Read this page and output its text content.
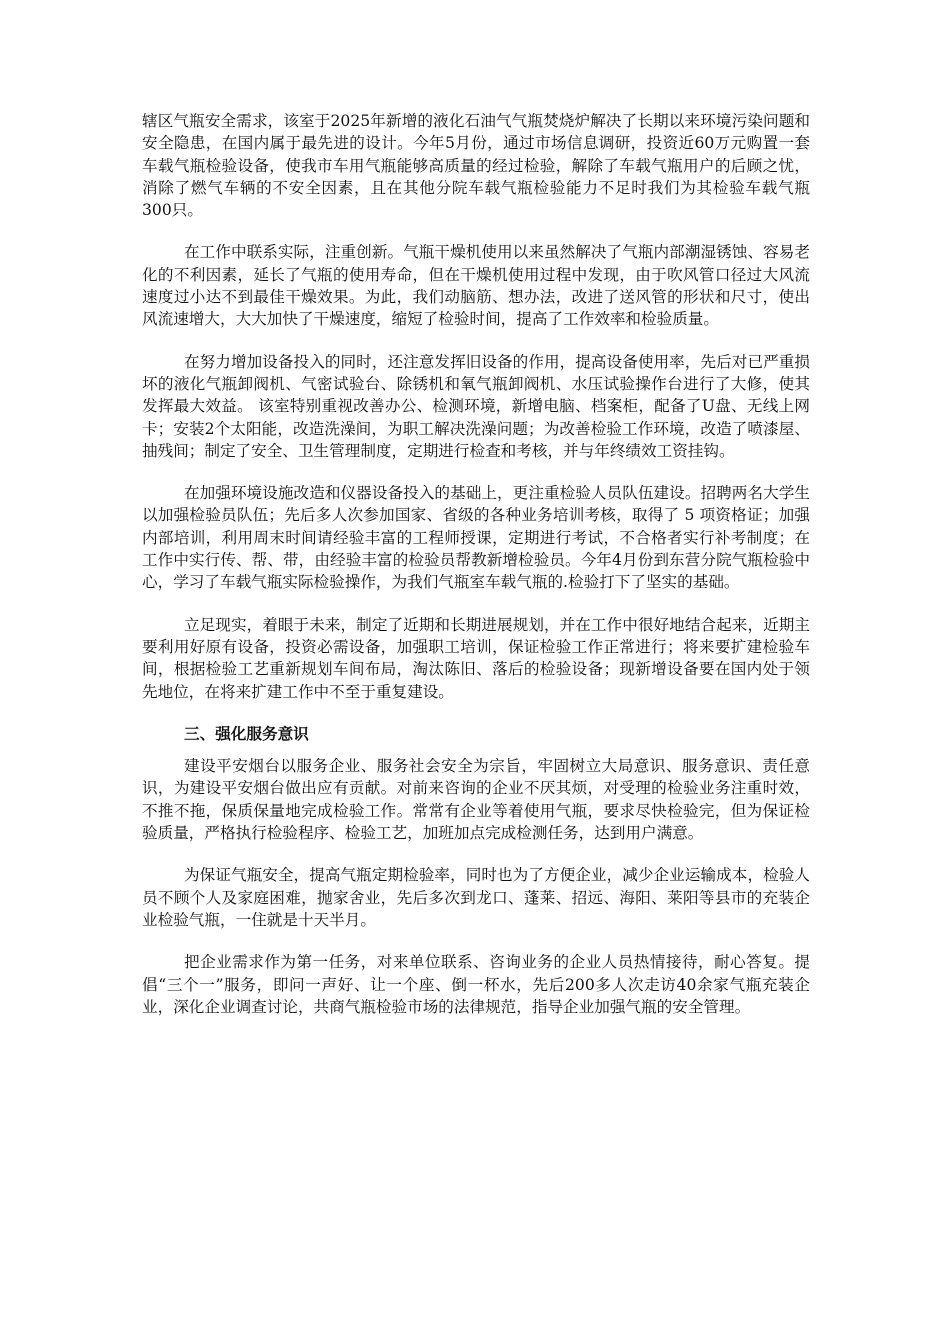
辖区气瓶安全需求，该室于2025年新增的液化石油气气瓶焚烧炉解决了长期以来环境污染问题和安全隐患，在国内属于最先进的设计。今年5月份，通过市场信息调研，投资近60万元购置一套车载气瓶检验设备，使我市车用气瓶能够高质量的经过检验，解除了车载气瓶用户的后顾之忧，消除了燃气车辆的不安全因素，且在其他分院车载气瓶检验能力不足时我们为其检验车载气瓶300只。

在工作中联系实际，注重创新。气瓶干燥机使用以来虽然解决了气瓶内部潮湿锈蚀、容易老化的不利因素，延长了气瓶的使用寿命，但在干燥机使用过程中发现，由于吹风管口径过大风流速度过小达不到最佳干燥效果。为此，我们动脑筋、想办法，改进了送风管的形状和尺寸，使出风流速增大，大大加快了干燥速度，缩短了检验时间，提高了工作效率和检验质量。

在努力增加设备投入的同时，还注意发挥旧设备的作用，提高设备使用率，先后对已严重损坏的液化气瓶卸阀机、气密试验台、除锈机和氧气瓶卸阀机、水压试验操作台进行了大修，使其发挥最大效益。 该室特别重视改善办公、检测环境，新增电脑、档案柜，配备了U盘、无线上网卡；安装2个太阳能，改造洗澡间，为职工解决洗澡问题；为改善检验工作环境，改造了喷漆屋、抽残间；制定了安全、卫生管理制度，定期进行检查和考核，并与年终绩效工资挂钩。

在加强环境设施改造和仪器设备投入的基础上，更注重检验人员队伍建设。招聘两名大学生以加强检验员队伍；先后多人次参加国家、省级的各种业务培训考核，取得了 5 项资格证；加强内部培训，利用周末时间请经验丰富的工程师授课，定期进行考试，不合格者实行补考制度；在工作中实行传、帮、带，由经验丰富的检验员帮教新增检验员。今年4月份到东营分院气瓶检验中心，学习了车载气瓶实际检验操作，为我们气瓶室车载气瓶的.检验打下了坚实的基础。

立足现实，着眼于未来，制定了近期和长期进展规划，并在工作中很好地结合起来，近期主要利用好原有设备，投资必需设备，加强职工培训，保证检验工作正常进行；将来要扩建检验车间，根据检验工艺重新规划车间布局，淘汰陈旧、落后的检验设备；现新增设备要在国内处于领先地位，在将来扩建工作中不至于重复建设。

三、强化服务意识

建设平安烟台以服务企业、服务社会安全为宗旨，牢固树立大局意识、服务意识、责任意识，为建设平安烟台做出应有贡献。对前来咨询的企业不厌其烦，对受理的检验业务注重时效，不推不拖，保质保量地完成检验工作。常常有企业等着使用气瓶，要求尽快检验完，但为保证检验质量，严格执行检验程序、检验工艺，加班加点完成检测任务，达到用户满意。

为保证气瓶安全，提高气瓶定期检验率，同时也为了方便企业，减少企业运输成本，检验人员不顾个人及家庭困难，抛家舍业，先后多次到龙口、蓬莱、招远、海阳、莱阳等县市的充装企业检验气瓶，一住就是十天半月。

把企业需求作为第一任务，对来单位联系、咨询业务的企业人员热情接待，耐心答复。提倡“三个一”服务，即问一声好、让一个座、倒一杯水，先后200多人次走访40余家气瓶充装企业，深化企业调查讨论，共商气瓶检验市场的法律规范，指导企业加强气瓶的安全管理。
